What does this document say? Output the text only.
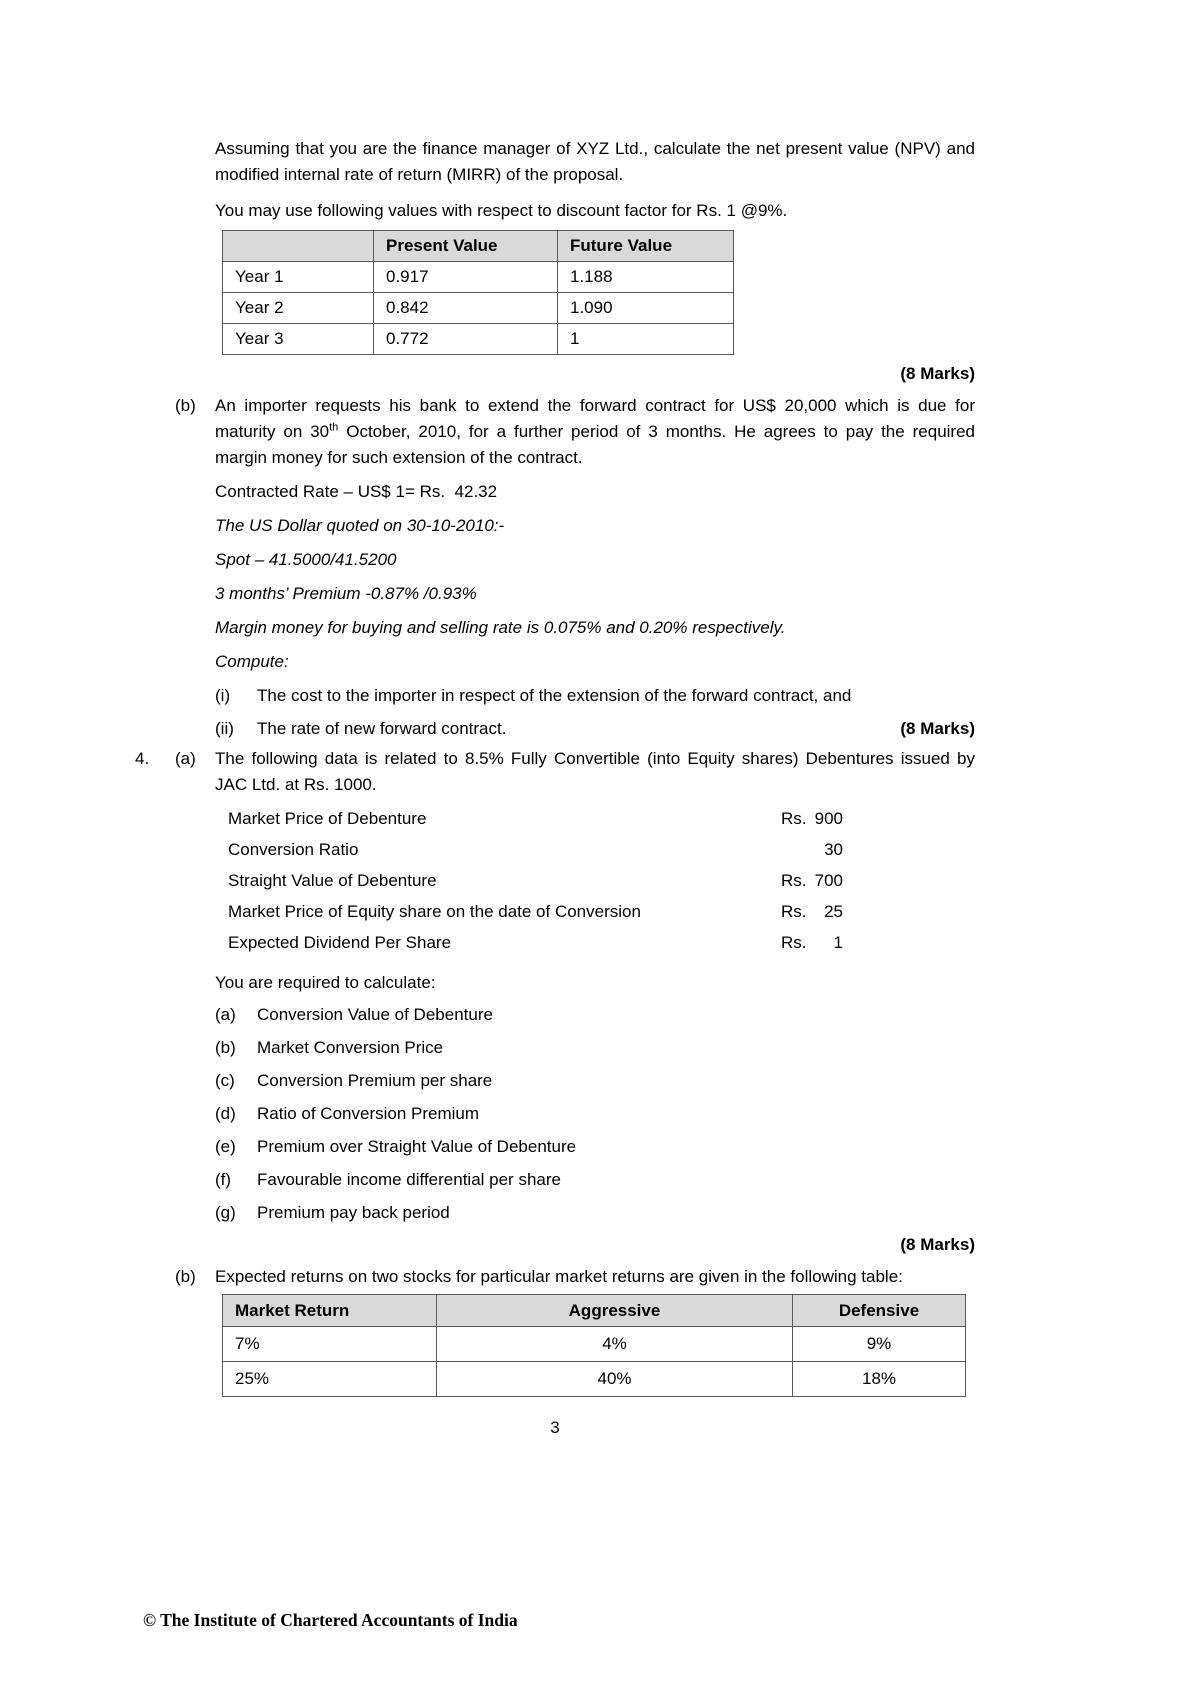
Assuming that you are the finance manager of XYZ Ltd., calculate the net present value (NPV) and modified internal rate of return (MIRR) of the proposal.

You may use following values with respect to discount factor for Rs. 1 @9%.

	Present Value	Future Value
Year 1	0.917	1.188
Year 2	0.842	1.090
Year 3	0.772	1
(8 Marks)
(b)	An importer requests his bank to extend the forward contract for US$ 20,000 which is due for maturity on 30th October, 2010, for a further period of 3 months. He agrees to pay the required margin money for such extension of the contract.
Contracted Rate – US$ 1= Rs.  42.32
The US Dollar quoted on 30-10-2010:-
Spot – 41.5000/41.5200
3 months’ Premium -0.87% /0.93%
Margin money for buying and selling rate is 0.075% and 0.20% respectively.
Compute:
(i)	The cost to the importer in respect of the extension of the forward contract, and
(ii)	The rate of new forward contract.	(8 Marks)
4.	(a)	The following data is related to 8.5% Fully Convertible (into Equity shares) Debentures issued by JAC Ltd. at Rs. 1000.
Market Price of Debenture	Rs. 900
Conversion Ratio	30
Straight Value of Debenture	Rs. 700
Market Price of Equity share on the date of Conversion	Rs. 25
Expected Dividend Per Share	Rs. 1
You are required to calculate:
(a)	Conversion Value of Debenture
(b)	Market Conversion Price
(c)	Conversion Premium per share
(d)	Ratio of Conversion Premium
(e)	Premium over Straight Value of Debenture
(f)	Favourable income differential per share
(g)	Premium pay back period
(8 Marks)
(b)	Expected returns on two stocks for particular market returns are given in the following table:
Market Return	Aggressive	Defensive
7%	4%	9%
25%	40%	18%
3
© The Institute of Chartered Accountants of India
